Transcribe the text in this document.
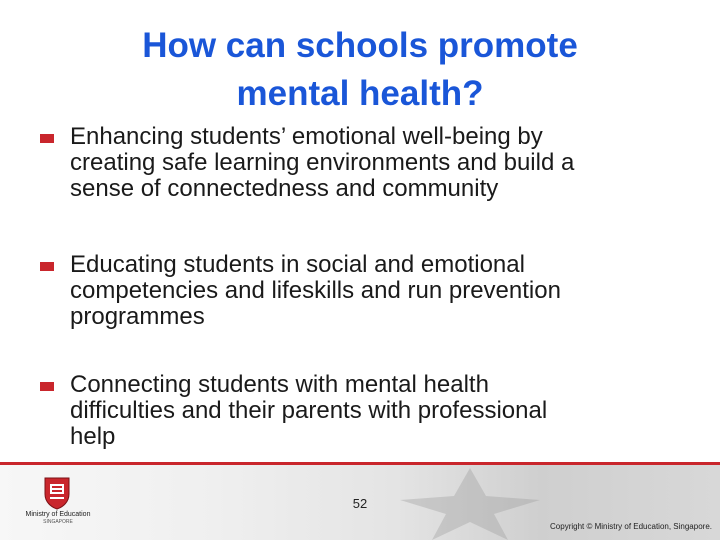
How can schools promote
mental health?
Enhancing students’ emotional well-being by
creating safe learning environments and build a
sense of connectedness and community
Educating students in social and emotional
competencies and lifeskills and run prevention
programmes
Connecting students with mental health
difficulties and their parents with professional
help
Ministry of Education
SINGAPORE
52
Copyright © Ministry of Education, Singapore.
